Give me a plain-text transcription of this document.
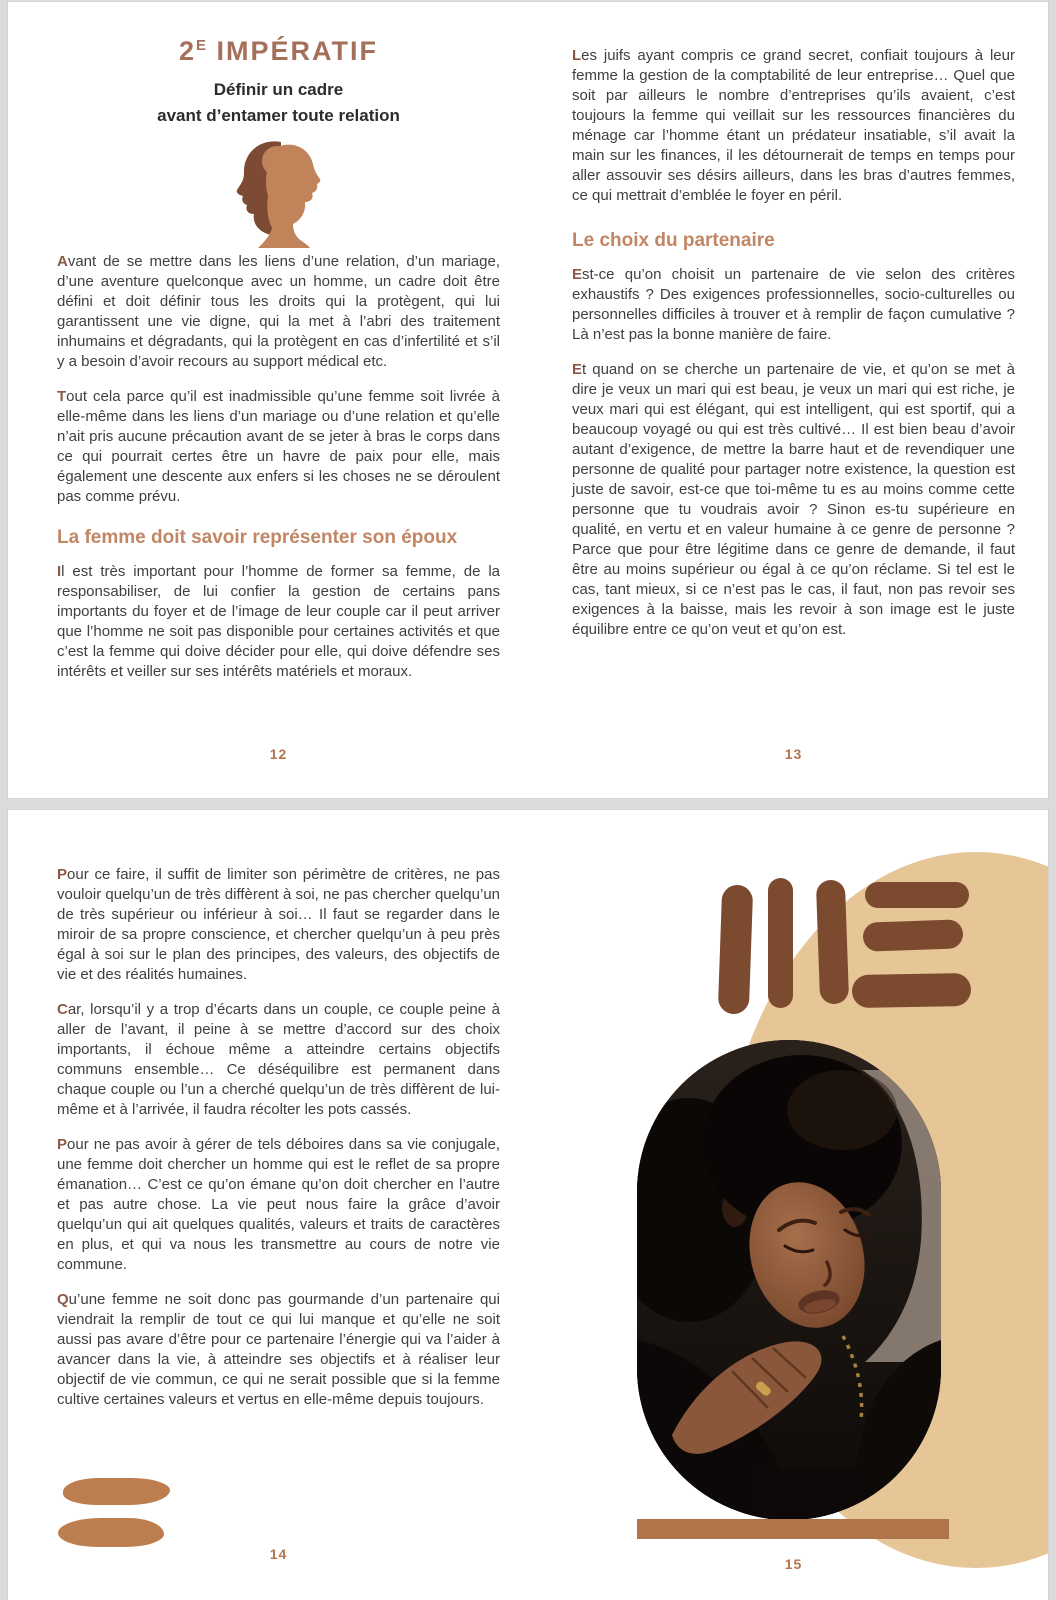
$2^E$ IMPÉRATIF
Définir un cadre
avant d’entamer toute relation

Avant de se mettre dans les liens d’une relation, d’un mariage, d’une aventure quelconque avec un homme, un cadre doit être défini et doit définir tous les droits qui la protègent, qui lui garantissent une vie digne, qui la met à l’abri des traitement inhumains et dégradants, qui la protègent en cas d’infertilité et s’il y a besoin d’avoir recours au support médical etc.

Tout cela parce qu’il est inadmissible qu’une femme soit livrée à elle-même dans les liens d’un mariage ou d’une relation et qu’elle n’ait pris aucune précaution avant de se jeter à bras le corps dans ce qui pourrait certes être un havre de paix pour elle, mais également une descente aux enfers si les choses ne se déroulent pas comme prévu.

La femme doit savoir représenter son époux

Il est très important pour l’homme de former sa femme, de la responsabiliser, de lui confier la gestion de certains pans importants du foyer et de l’image de leur couple car il peut arriver que l’homme ne soit pas disponible pour certaines activités et que c’est la femme qui doive décider pour elle, qui doive défendre ses intérêts et veiller sur ses intérêts matériels et moraux.

12

Les juifs ayant compris ce grand secret, confiait toujours à leur femme la gestion de la comptabilité de leur entreprise… Quel que soit par ailleurs le nombre d’entreprises qu’ils avaient, c’est toujours la femme qui veillait sur les ressources financières du ménage car l’homme étant un prédateur insatiable, s’il avait la main sur les finances, il les détournerait de temps en temps pour aller assouvir ses désirs ailleurs, dans les bras d’autres femmes, ce qui mettrait d’emblée le foyer en péril.

Le choix du partenaire

Est-ce qu’on choisit un partenaire de vie selon des critères exhaustifs ? Des exigences professionnelles, socio-culturelles ou personnelles difficiles à trouver et à remplir de façon cumulative ? Là n’est pas la bonne manière de faire.

Et quand on se cherche un partenaire de vie, et qu’on se met à dire je veux un mari qui est beau, je veux un mari qui est riche, je veux mari qui est élégant, qui est intelligent, qui est sportif, qui a beaucoup voyagé ou qui est très cultivé… Il est bien beau d’avoir autant d’exigence, de mettre la barre haut et de revendiquer une personne de qualité pour partager notre existence, la question est juste de savoir, est-ce que toi-même tu es au moins comme cette personne que tu voudrais avoir ? Sinon es-tu supérieure en qualité, en vertu et en valeur humaine à ce genre de personne ? Parce que pour être légitime dans ce genre de demande, il faut être au moins supérieur ou égal à ce qu’on réclame. Si tel est le cas, tant mieux, si ce n’est pas le cas, il faut, non pas revoir ses exigences à la baisse, mais les revoir à son image est le juste équilibre entre ce qu’on veut et qu’on est.

13

Pour ce faire, il suffit de limiter son périmètre de critères, ne pas vouloir quelqu’un de très diffèrent à soi, ne pas chercher quelqu’un de très supérieur ou inférieur à soi… Il faut se regarder dans le miroir de sa propre conscience, et chercher quelqu’un à peu près égal à soi sur le plan des principes, des valeurs, des objectifs de vie et des réalités humaines.

Car, lorsqu’il y a trop d’écarts dans un couple, ce couple peine à aller de l’avant, il peine à se mettre d’accord sur des choix importants, il échoue même a atteindre certains objectifs communs ensemble… Ce déséquilibre est permanent dans chaque couple ou l’un a cherché quelqu’un de très diffèrent de lui-même et à l’arrivée, il faudra récolter les pots cassés.

Pour ne pas avoir à gérer de tels déboires dans sa vie conjugale, une femme doit chercher un homme qui est le reflet de sa propre émanation… C’est ce qu’on émane qu’on doit chercher en l’autre et pas autre chose. La vie peut nous faire la grâce d’avoir quelqu’un qui ait quelques qualités, valeurs et traits de caractères en plus, et qui va nous les transmettre au cours de notre vie commune.

Qu’une femme ne soit donc pas gourmande d’un partenaire qui viendrait la remplir de tout ce qui lui manque et qu’elle ne soit aussi pas avare d’être pour ce partenaire l’énergie qui va l’aider à avancer dans la vie, à atteindre ses objectifs et à réaliser leur objectif de vie commun, ce qui ne serait possible que si la femme cultive certaines valeurs et vertus en elle-même depuis toujours.

14
15
